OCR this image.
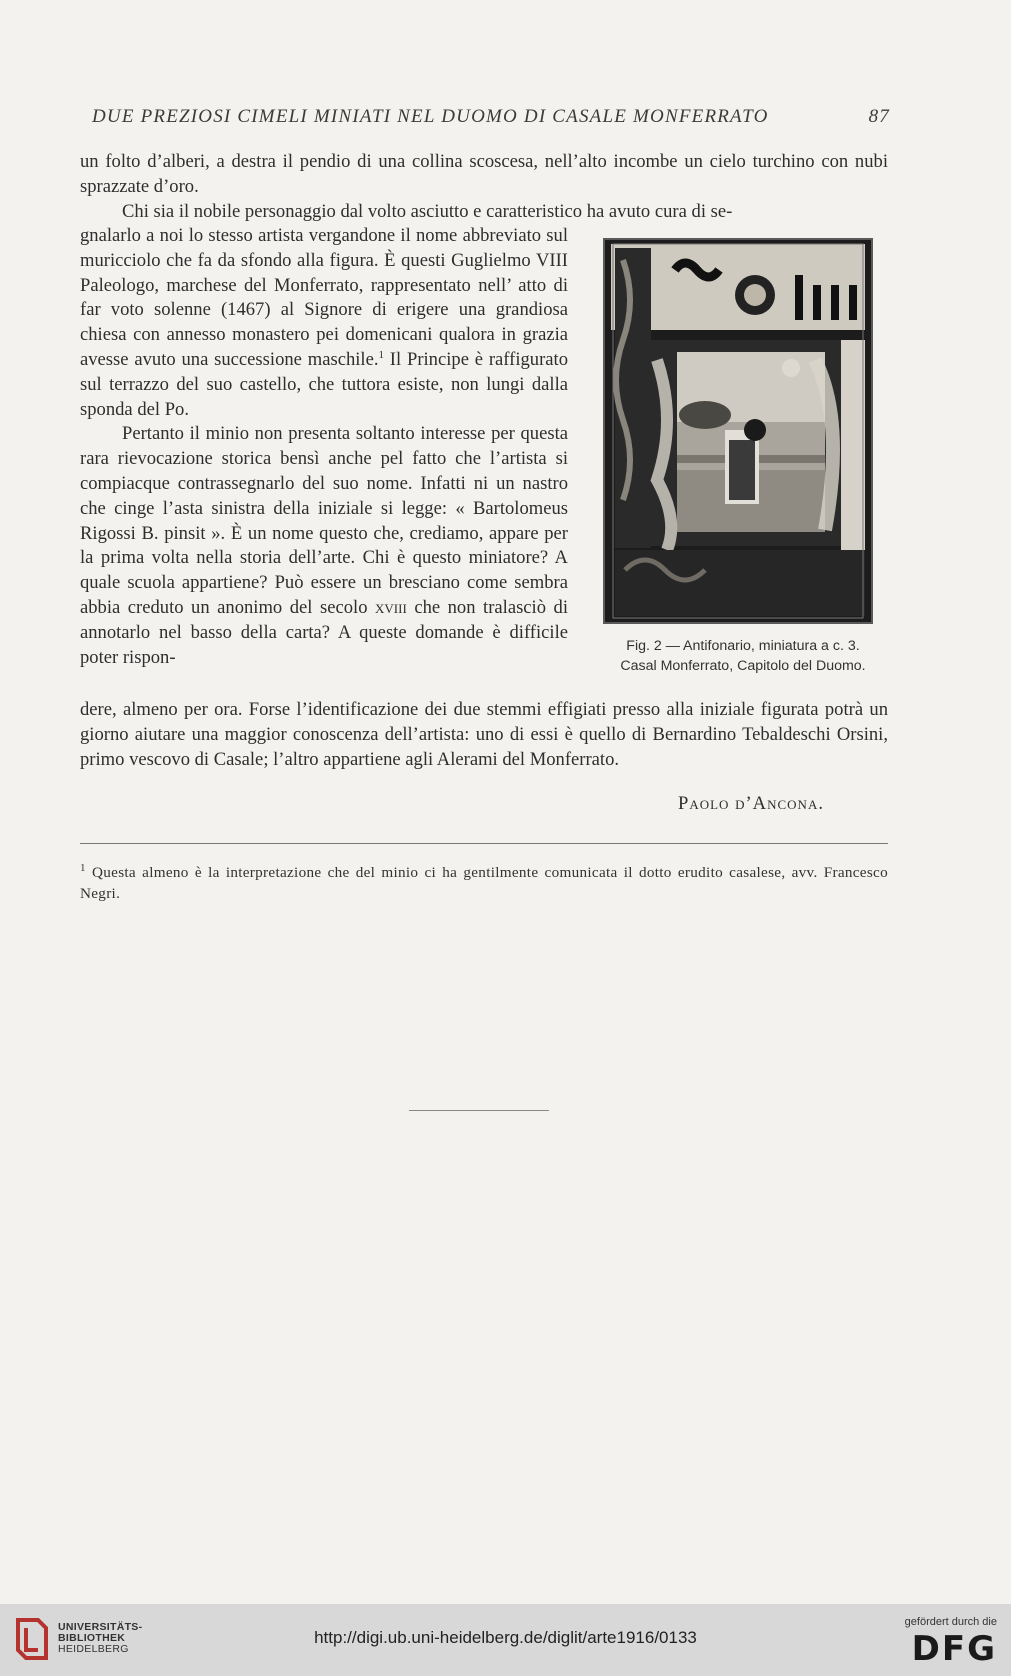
DUE PREZIOSI CIMELI MINIATI NEL DUOMO DI CASALE MONFERRATO	87

un folto d’alberi, a destra il pendio di una collina scoscesa, nell’alto incombe un cielo turchino con nubi sprazzate d’oro.

Chi sia il nobile personaggio dal volto asciutto e caratteristico ha avuto cura di se-

gnalarlo a noi lo stesso artista vergandone il nome abbreviato sul muricciolo che fa da sfondo alla figura. È questi Guglielmo VIII Paleologo, marchese del Monferrato, rappresentato nell’ atto di far voto solenne (1467) al Signore di erigere una grandiosa chiesa con annesso monastero pei domenicani qualora in grazia avesse avuto una successione maschile.$^1$ Il Principe è raffigurato sul terrazzo del suo castello, che tuttora esiste, non lungi dalla sponda del Po.

Pertanto il minio non presenta soltanto interesse per questa rara rievocazione storica bensì anche pel fatto che l’artista si compiacque contrassegnarlo del suo nome. Infatti ni un nastro che cinge l’asta sinistra della iniziale si legge: « Bartolomeus Rigossi B. pinsit ». È un nome questo che, crediamo, appare per la prima volta nella storia dell’arte. Chi è questo miniatore? A quale scuola appartiene? Può essere un bresciano come sembra abbia creduto un anonimo del secolo xviii che non tralasciò di annotarlo nel basso della carta? A queste domande è difficile poter rispon-

dere, almeno per ora. Forse l’identificazione dei due stemmi effigiati presso alla iniziale figurata potrà un giorno aiutare una maggior conoscenza dell’artista: uno di essi è quello di Bernardino Tebaldeschi Orsini, primo vescovo di Casale; l’altro appartiene agli Alerami del Monferrato.

Fig. 2 — Antifonario, miniatura a c. 3.
Casal Monferrato, Capitolo del Duomo.
Paolo d’Ancona.
$^1$ Questa almeno è la interpretazione che del minio ci ha gentilmente comunicata il dotto erudito casalese, avv. Francesco Negri.
UNIVERSITÄTS-
BIBLIOTHEK
HEIDELBERG
http://digi.ub.uni-heidelberg.de/diglit/arte1916/0133
gefördert durch die
DFG
